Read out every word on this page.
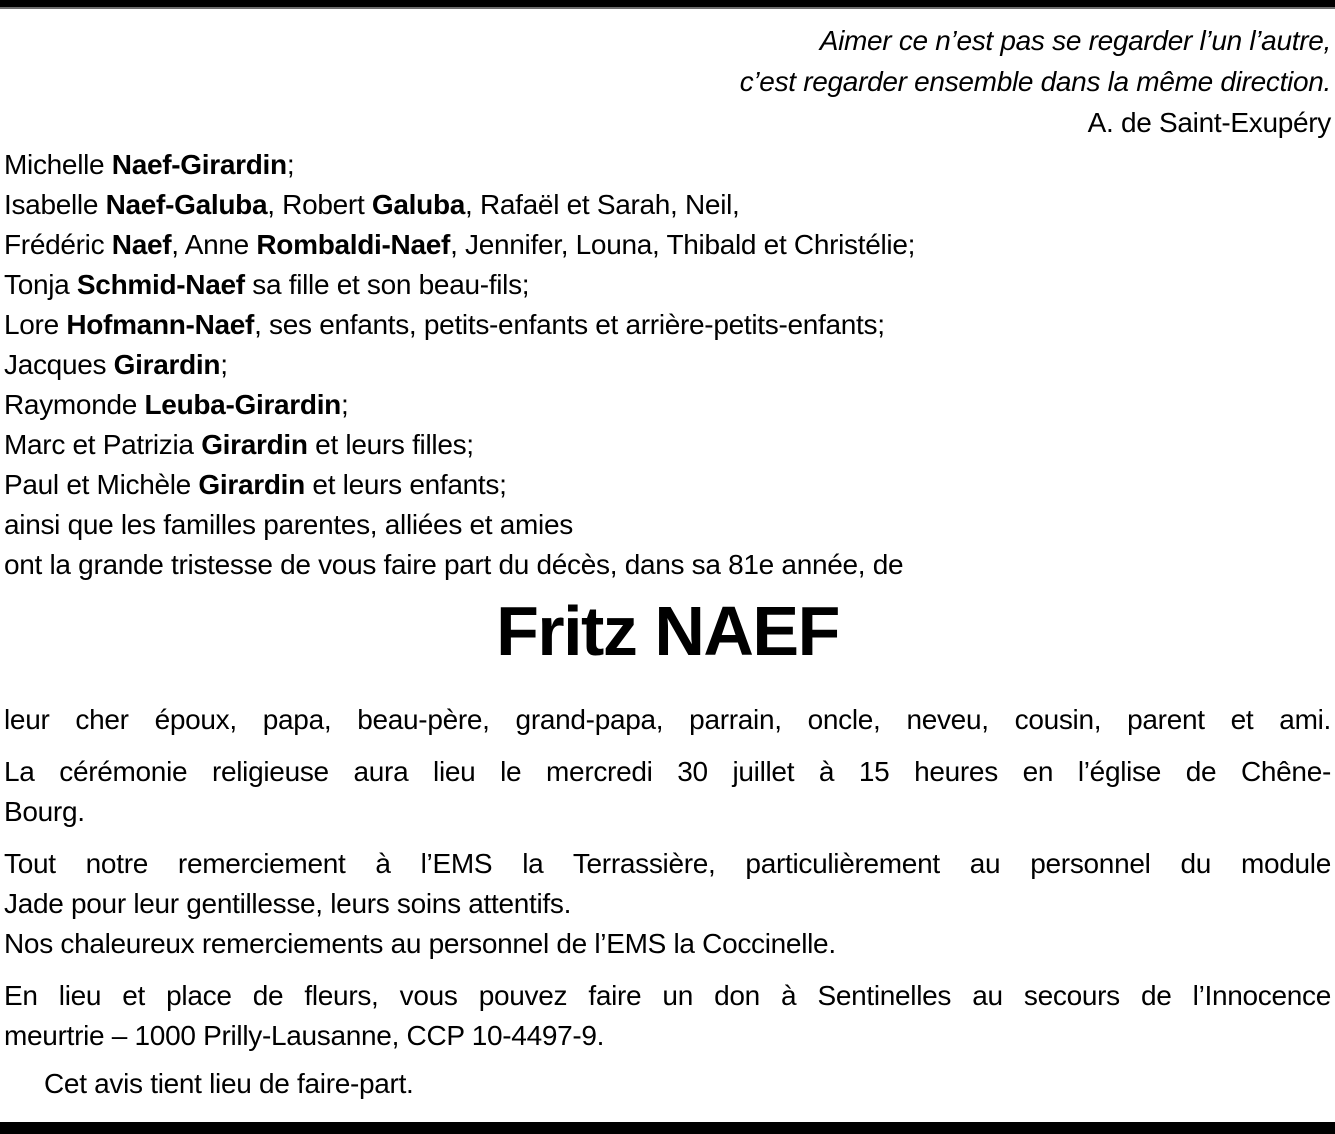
Aimer ce n’est pas se regarder l’un l’autre,
c’est regarder ensemble dans la même direction.
A. de Saint-Exupéry
Michelle Naef-Girardin;
Isabelle Naef-Galuba, Robert Galuba, Rafaël et Sarah, Neil,
Frédéric Naef, Anne Rombaldi-Naef, Jennifer, Louna, Thibald et Christélie;
Tonja Schmid-Naef sa fille et son beau-fils;
Lore Hofmann-Naef, ses enfants, petits-enfants et arrière-petits-enfants;
Jacques Girardin;
Raymonde Leuba-Girardin;
Marc et Patrizia Girardin et leurs filles;
Paul et Michèle Girardin et leurs enfants;
ainsi que les familles parentes, alliées et amies
ont la grande tristesse de vous faire part du décès, dans sa 81e année, de
Fritz NAEF
leur cher époux, papa, beau-père, grand-papa, parrain, oncle, neveu, cousin, parent et ami.
La cérémonie religieuse aura lieu le mercredi 30 juillet à 15 heures en l’église de Chêne-
Bourg.
Tout notre remerciement à l’EMS la Terrassière, particulièrement au personnel du module
Jade pour leur gentillesse, leurs soins attentifs.
Nos chaleureux remerciements au personnel de l’EMS la Coccinelle.
En lieu et place de fleurs, vous pouvez faire un don à Sentinelles au secours de l’Innocence
meurtrie – 1000 Prilly-Lausanne, CCP 10-4497-9.
Cet avis tient lieu de faire-part.
